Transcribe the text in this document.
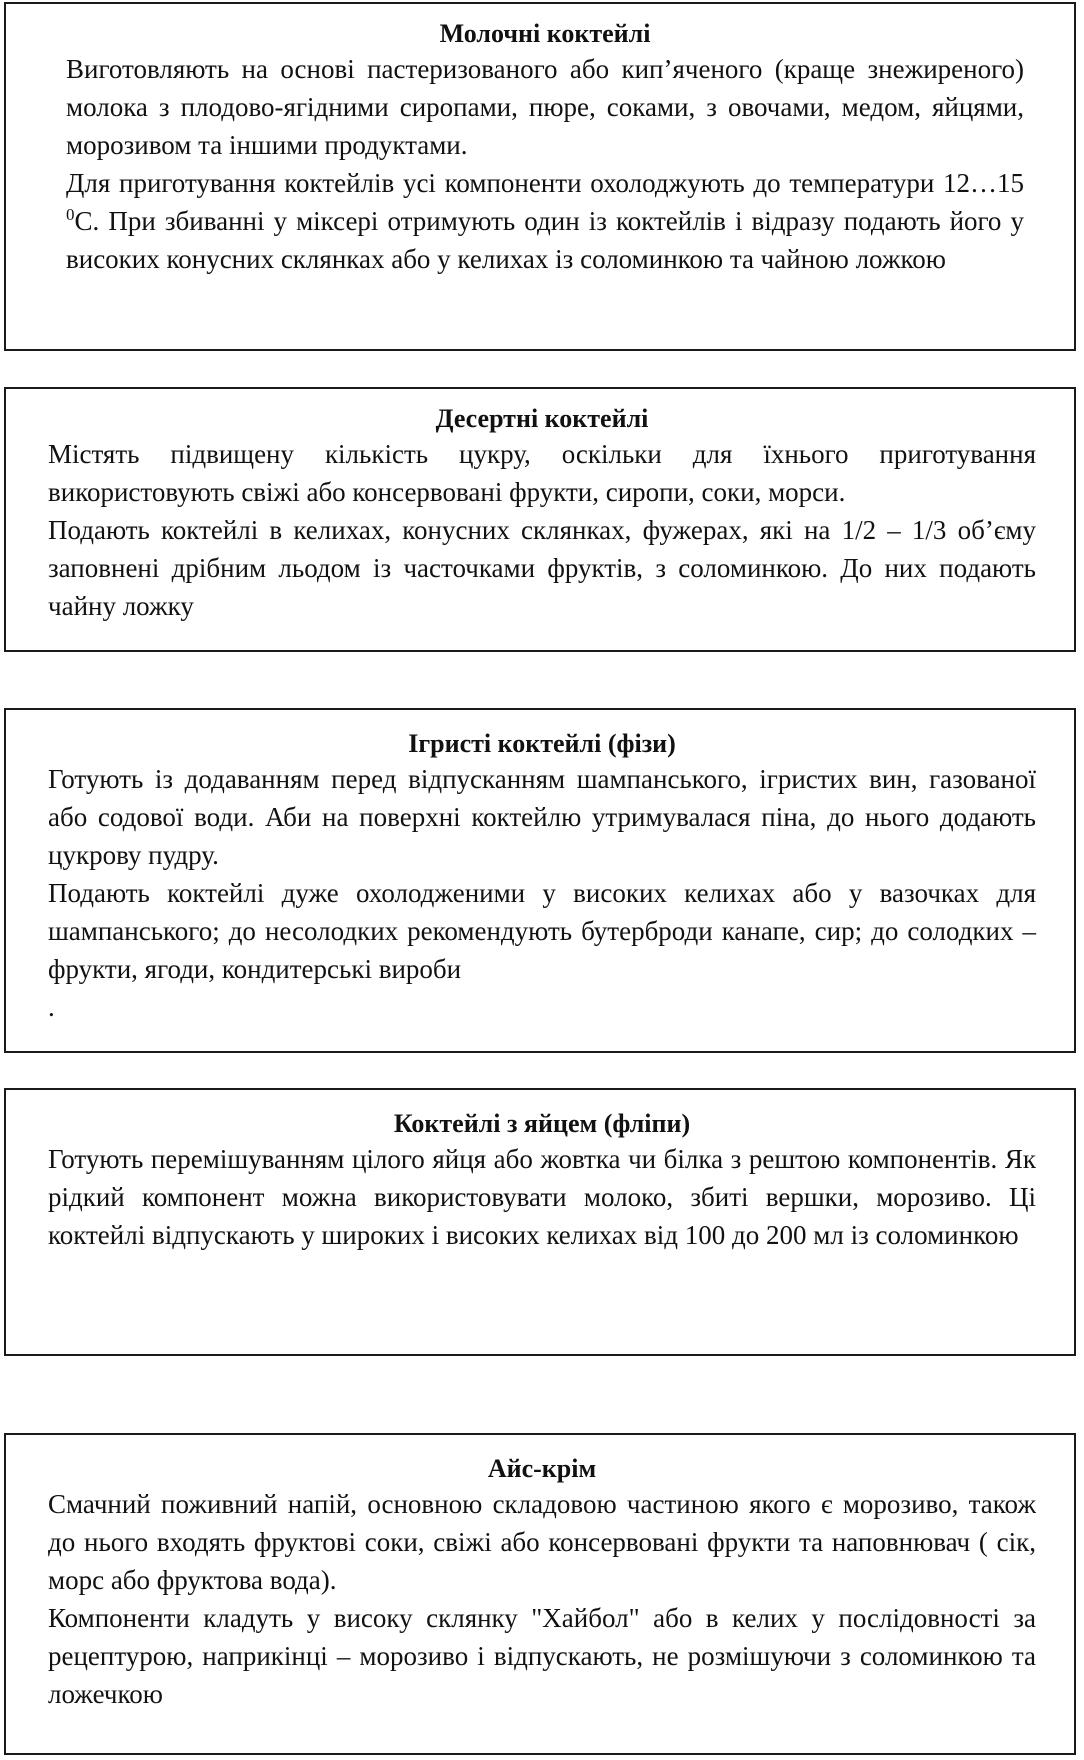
Молочні коктейлі

Виготовляють на основі пастеризованого або кип’яченого (краще знежиреного) молока з плодово-ягідними сиропами, пюре, соками, з овочами, медом, яйцями, морозивом та іншими продуктами.

Для приготування коктейлів усі компоненти охолоджують до температури 12…15 $^0$С. При збиванні у міксері отримують один із коктейлів і відразу подають його у високих конусних склянках або у келихах із соломинкою та чайною ложкою

Десертні коктейлі

Містять підвищену кількість цукру, оскільки для їхнього приготування використовують свіжі або консервовані фрукти, сиропи, соки, морси.

Подають коктейлі в келихах, конусних склянках, фужерах, які на 1/2 – 1/3 об’єму заповнені дрібним льодом із часточками фруктів, з соломинкою. До них подають чайну ложку

Ігристі коктейлі (фізи)

Готують із додаванням перед відпусканням шампанського, ігристих вин, газованої або содової води. Аби на поверхні коктейлю утримувалася піна, до нього додають цукрову пудру.

Подають коктейлі дуже охолодженими у високих келихах або у вазочках для шампанського; до несолодких рекомендують бутерброди канапе, сир; до солодких – фрукти, ягоди, кондитерські вироби

.
Коктейлі з яйцем (фліпи)

Готують перемішуванням цілого яйця або жовтка чи білка з рештою компонентів. Як рідкий компонент можна використовувати молоко, збиті вершки, морозиво. Ці коктейлі відпускають у широких і високих келихах від 100 до 200 мл із соломинкою

Айс-крім

Смачний поживний напій, основною складовою частиною якого є морозиво, також до нього входять фруктові соки, свіжі або консервовані фрукти та наповнювач ( сік, морс або фруктова вода).

Компоненти кладуть у високу склянку "Хайбол" або в келих у послідовності за рецептурою, наприкінці – морозиво і відпускають, не розмішуючи з соломинкою та ложечкою
